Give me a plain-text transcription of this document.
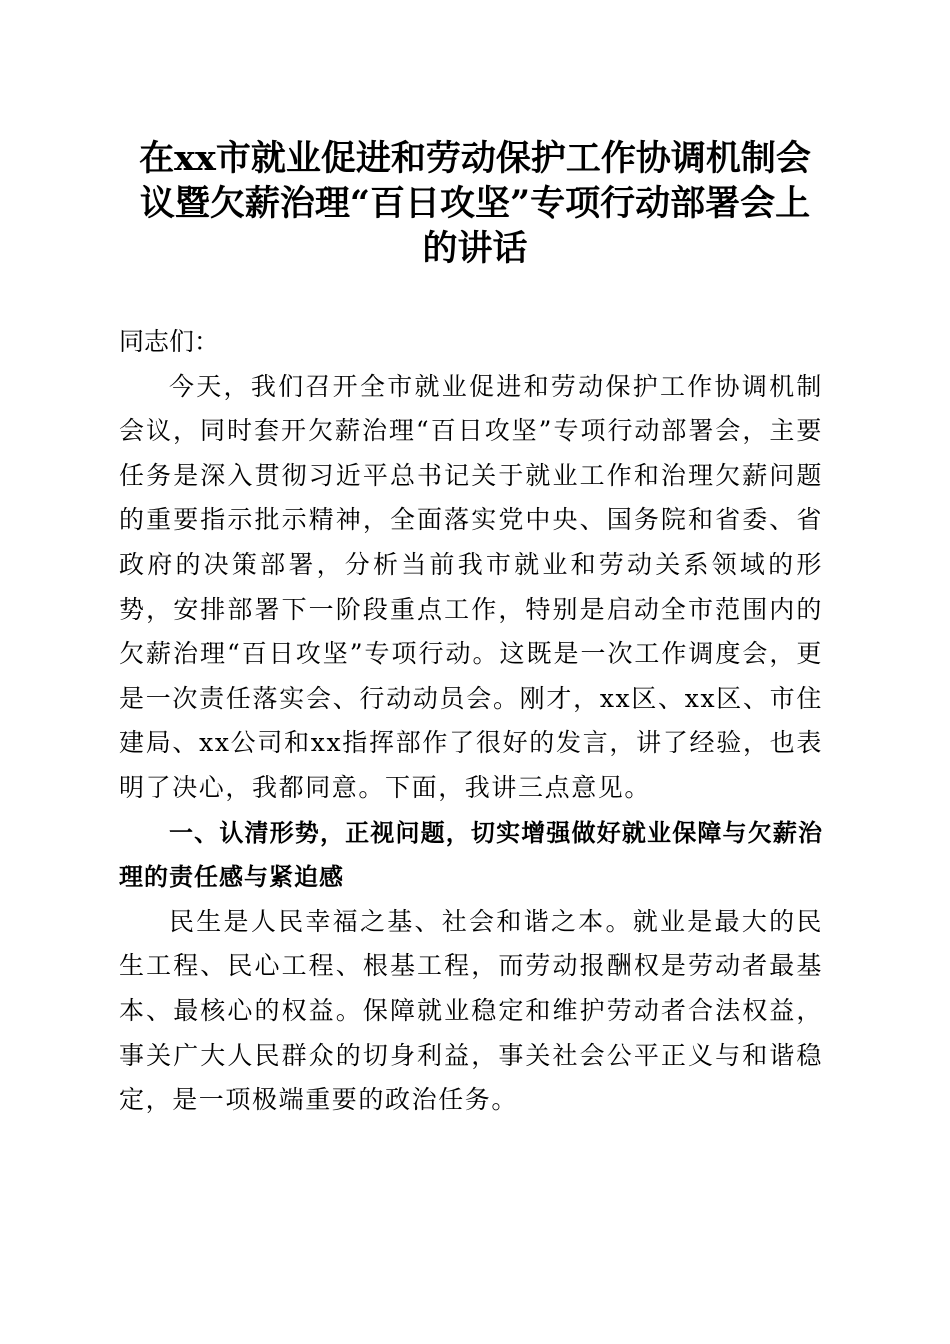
在xx市就业促进和劳动保护工作协调机制会
议暨欠薪治理“百日攻坚”专项行动部署会上
的讲话

同志们：

今天，我们召开全市就业促进和劳动保护工作协调机制会议，同时套开欠薪治理“百日攻坚”专项行动部署会，主要任务是深入贯彻习近平总书记关于就业工作和治理欠薪问题的重要指示批示精神，全面落实党中央、国务院和省委、省政府的决策部署，分析当前我市就业和劳动关系领域的形势，安排部署下一阶段重点工作，特别是启动全市范围内的欠薪治理“百日攻坚”专项行动。这既是一次工作调度会，更是一次责任落实会、行动动员会。刚才，xx区、xx区、市住建局、xx公司和xx指挥部作了很好的发言，讲了经验，也表明了决心，我都同意。下面，我讲三点意见。

一、认清形势，正视问题，切实增强做好就业保障与欠薪治理的责任感与紧迫感

民生是人民幸福之基、社会和谐之本。就业是最大的民生工程、民心工程、根基工程，而劳动报酬权是劳动者最基本、最核心的权益。保障就业稳定和维护劳动者合法权益，事关广大人民群众的切身利益，事关社会公平正义与和谐稳定，是一项极端重要的政治任务。
